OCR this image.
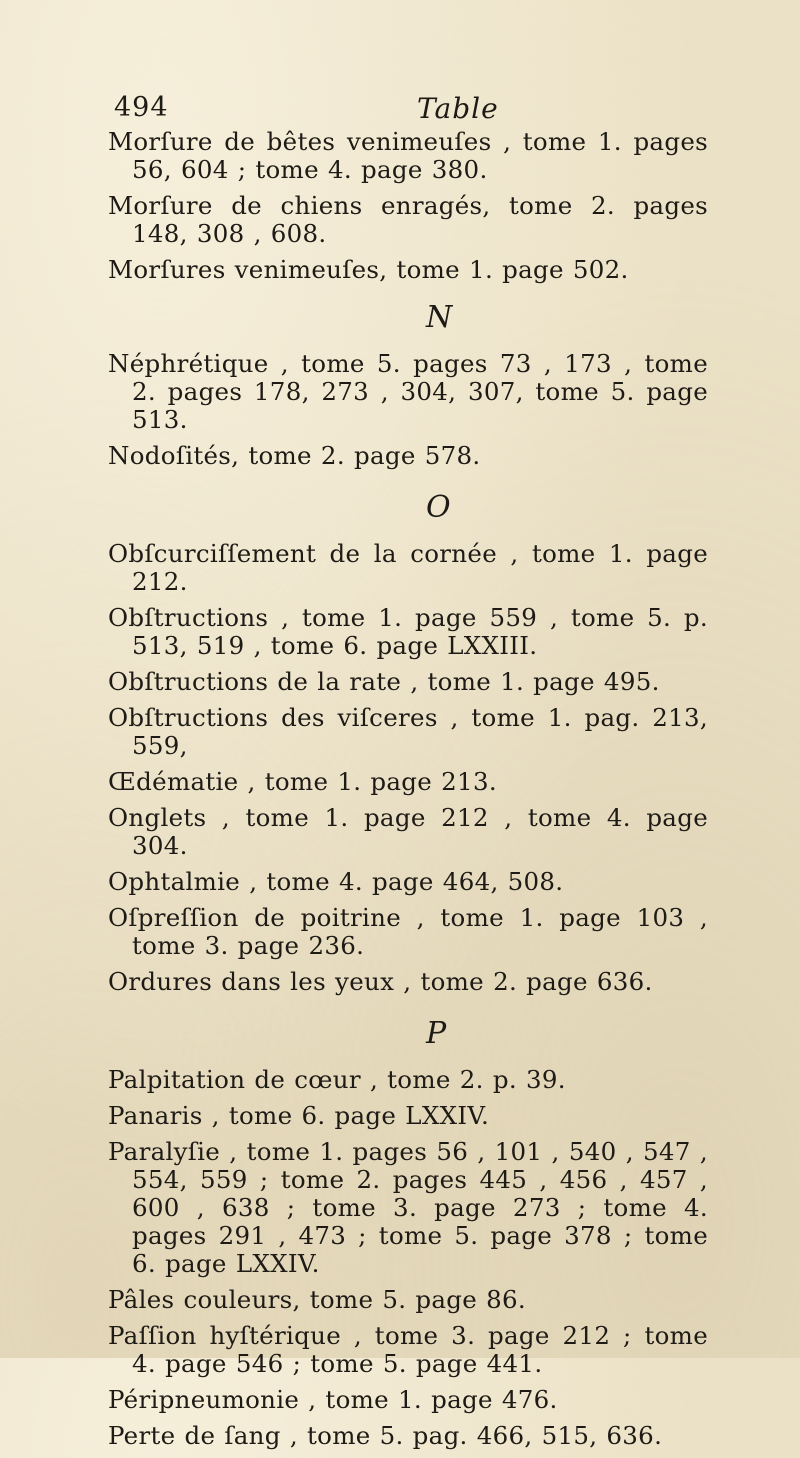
494	Table

Morſure de bêtes venimeuſes , tome 1. pages 56, 604 ; tome 4. page 380.

Morſure de chiens enragés, tome 2. pages 148, 308 , 608.

Morſures venimeuſes, tome 1. page 502.

N

Néphrétique , tome 5. pages 73 , 173 , tome 2. pages 178, 273 , 304, 307, tome 5. page 513.

Nodoſités, tome 2. page 578.

O

Obſcurciſſement de la cornée , tome 1. page 212.

Obſtructions , tome 1. page 559 , tome 5. p. 513, 519 , tome 6. page LXXIII.

Obſtructions de la rate , tome 1. page 495.

Obſtructions des viſceres , tome 1. pag. 213, 559,

Œdématie , tome 1. page 213.

Onglets , tome 1. page 212 , tome 4. page 304.

Ophtalmie , tome 4. page 464, 508.

Oſpreſſion de poitrine , tome 1. page 103 , tome 3. page 236.

Ordures dans les yeux , tome 2. page 636.

P

Palpitation de cœur , tome 2. p. 39.

Panaris , tome 6. page LXXIV.

Paralyſie , tome 1. pages 56 , 101 , 540 , 547 , 554, 559 ; tome 2. pages 445 , 456 , 457 , 600 , 638 ; tome 3. page 273 ; tome 4. pages 291 , 473 ; tome 5. page 378 ; tome 6. page LXXIV.

Pâles couleurs, tome 5. page 86.

Paſſion hyſtérique , tome 3. page 212 ; tome 4. page 546 ; tome 5. page 441.

Péripneumonie , tome 1. page 476.

Perte de ſang , tome 5. pag. 466, 515, 636.
